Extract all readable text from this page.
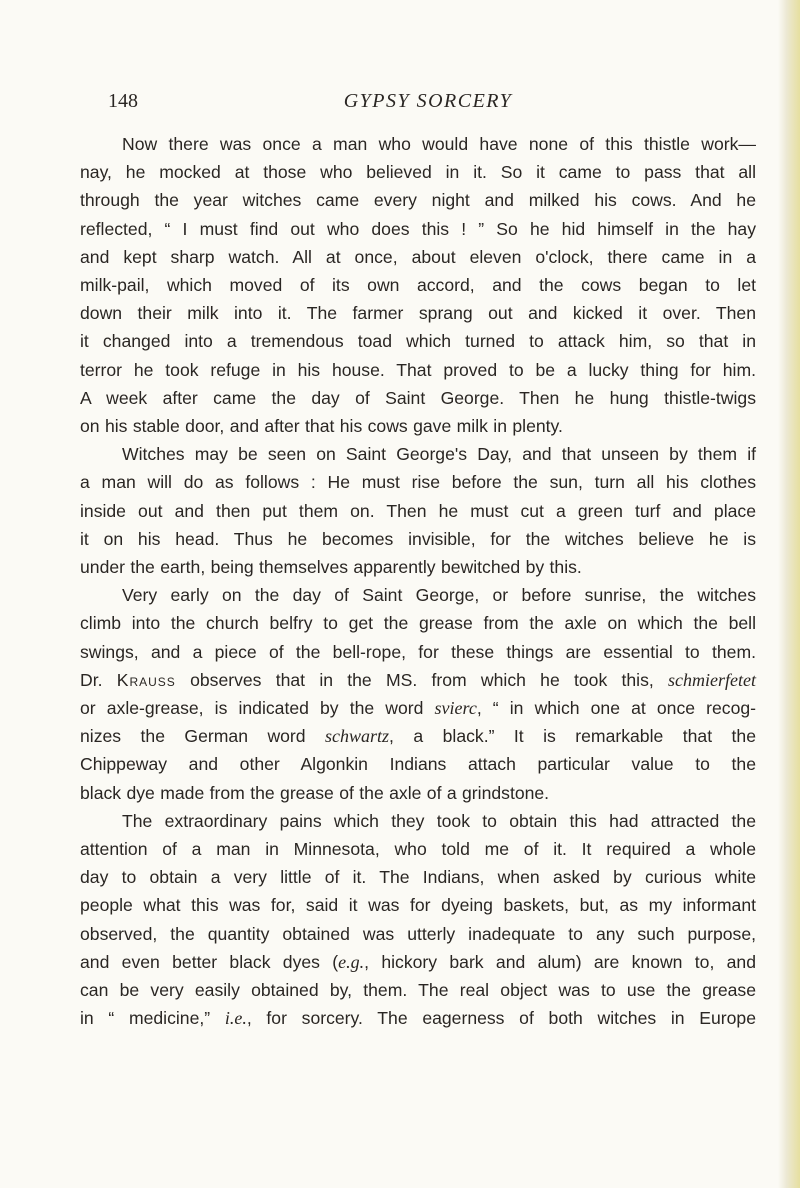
148	GYPSY SORCERY
Now there was once a man who would have none of this thistle work—
nay, he mocked at those who believed in it. So it came to pass that all
through the year witches came every night and milked his cows. And he
reflected, “ I must find out who does this ! ” So he hid himself in the hay
and kept sharp watch. All at once, about eleven o'clock, there came in a
milk-pail, which moved of its own accord, and the cows began to let
down their milk into it. The farmer sprang out and kicked it over. Then
it changed into a tremendous toad which turned to attack him, so that in
terror he took refuge in his house. That proved to be a lucky thing for him.
A week after came the day of Saint George. Then he hung thistle-twigs
on his stable door, and after that his cows gave milk in plenty.
Witches may be seen on Saint George's Day, and that unseen by them if
a man will do as follows : He must rise before the sun, turn all his clothes
inside out and then put them on. Then he must cut a green turf and place
it on his head. Thus he becomes invisible, for the witches believe he is
under the earth, being themselves apparently bewitched by this.
Very early on the day of Saint George, or before sunrise, the witches
climb into the church belfry to get the grease from the axle on which the bell
swings, and a piece of the bell-rope, for these things are essential to them.
Dr. Krauss observes that in the MS. from which he took this, schmierfetet
or axle-grease, is indicated by the word svierc, “ in which one at once recog-
nizes the German word schwartz, a black.” It is remarkable that the
Chippeway and other Algonkin Indians attach particular value to the
black dye made from the grease of the axle of a grindstone.
The extraordinary pains which they took to obtain this had attracted the
attention of a man in Minnesota, who told me of it. It required a whole
day to obtain a very little of it. The Indians, when asked by curious white
people what this was for, said it was for dyeing baskets, but, as my informant
observed, the quantity obtained was utterly inadequate to any such purpose,
and even better black dyes (e.g., hickory bark and alum) are known to, and
can be very easily obtained by, them. The real object was to use the grease
in “ medicine,” i.e., for sorcery. The eagerness of both witches in Europe
